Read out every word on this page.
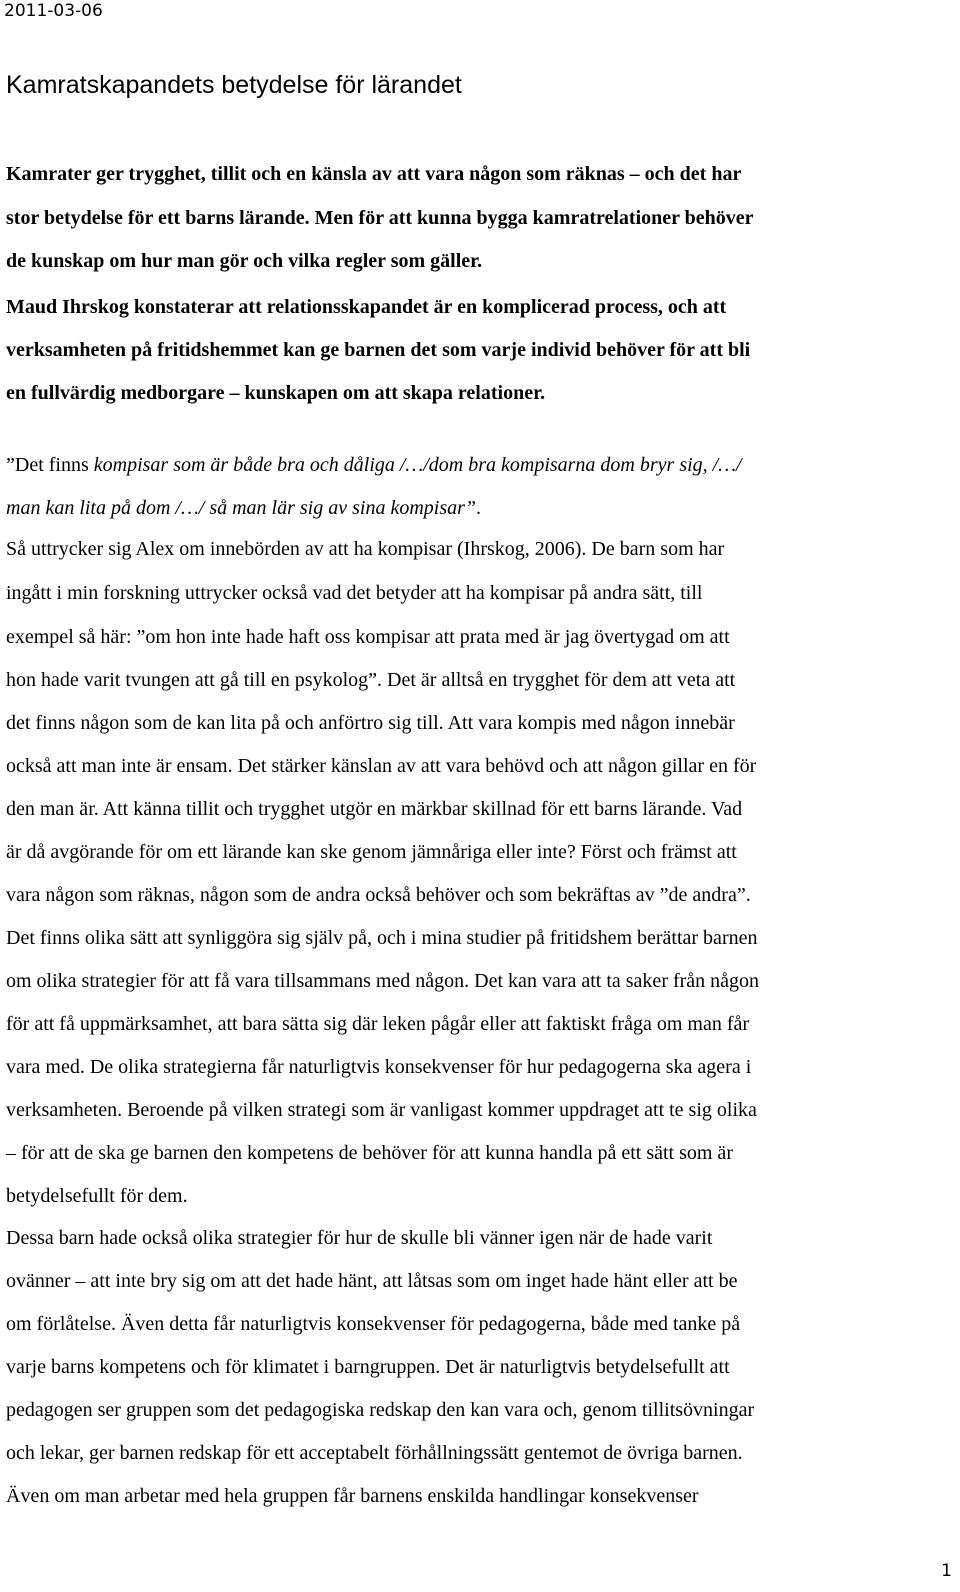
2011-03-06
Kamratskapandets betydelse för lärandet
Kamrater ger trygghet, tillit och en känsla av att vara någon som räknas – och det har
stor betydelse för ett barns lärande. Men för att kunna bygga kamratrelationer behöver
de kunskap om hur man gör och vilka regler som gäller.
Maud Ihrskog konstaterar att relationsskapandet är en komplicerad process, och att
verksamheten på fritidshemmet kan ge barnen det som varje individ behöver för att bli
en fullvärdig medborgare – kunskapen om att skapa relationer.
”Det finns kompisar som är både bra och dåliga /…/dom bra kompisarna dom bryr sig, /…/
man kan lita på dom /…/ så man lär sig av sina kompisar”.
Så uttrycker sig Alex om innebörden av att ha kompisar (Ihrskog, 2006). De barn som har
ingått i min forskning uttrycker också vad det betyder att ha kompisar på andra sätt, till
exempel så här: ”om hon inte hade haft oss kompisar att prata med är jag övertygad om att
hon hade varit tvungen att gå till en psykolog”. Det är alltså en trygghet för dem att veta att
det finns någon som de kan lita på och anförtro sig till. Att vara kompis med någon innebär
också att man inte är ensam. Det stärker känslan av att vara behövd och att någon gillar en för
den man är. Att känna tillit och trygghet utgör en märkbar skillnad för ett barns lärande. Vad
är då avgörande för om ett lärande kan ske genom jämnåriga eller inte? Först och främst att
vara någon som räknas, någon som de andra också behöver och som bekräftas av ”de andra”.
Det finns olika sätt att synliggöra sig själv på, och i mina studier på fritidshem berättar barnen
om olika strategier för att få vara tillsammans med någon. Det kan vara att ta saker från någon
för att få uppmärksamhet, att bara sätta sig där leken pågår eller att faktiskt fråga om man får
vara med. De olika strategierna får naturligtvis konsekvenser för hur pedagogerna ska agera i
verksamheten. Beroende på vilken strategi som är vanligast kommer uppdraget att te sig olika
– för att de ska ge barnen den kompetens de behöver för att kunna handla på ett sätt som är
betydelsefullt för dem.
Dessa barn hade också olika strategier för hur de skulle bli vänner igen när de hade varit
ovänner – att inte bry sig om att det hade hänt, att låtsas som om inget hade hänt eller att be
om förlåtelse. Även detta får naturligtvis konsekvenser för pedagogerna, både med tanke på
varje barns kompetens och för klimatet i barngruppen. Det är naturligtvis betydelsefullt att
pedagogen ser gruppen som det pedagogiska redskap den kan vara och, genom tillitsövningar
och lekar, ger barnen redskap för ett acceptabelt förhållningssätt gentemot de övriga barnen.
Även om man arbetar med hela gruppen får barnens enskilda handlingar konsekvenser
1
